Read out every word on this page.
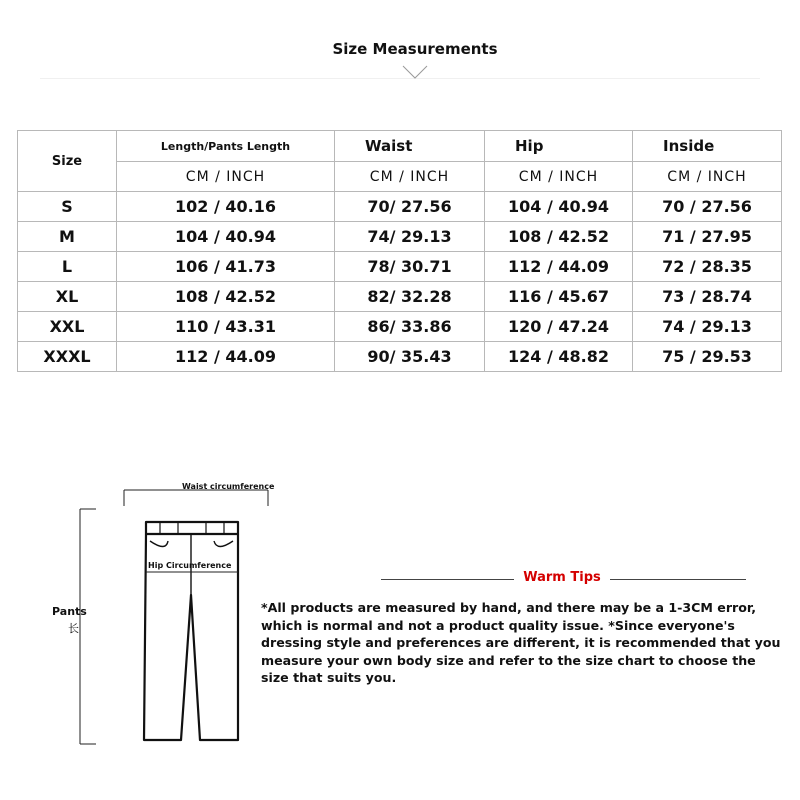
Size Measurements
Size	Length/Pants Length	Waist	Hip	Inside
	CM / INCH	CM / INCH	CM / INCH	CM / INCH
S	102 / 40.16	70/ 27.56	104 / 40.94	70 / 27.56
M	104 / 40.94	74/ 29.13	108 / 42.52	71 / 27.95
L	106 / 41.73	78/ 30.71	112 / 44.09	72 / 28.35
XL	108 / 42.52	82/ 32.28	116 / 45.67	73 / 28.74
XXL	110 / 43.31	86/ 33.86	120 / 47.24	74 / 29.13
XXXL	112 / 44.09	90/ 35.43	124 / 48.82	75 / 29.53
Waist circumference
Hip Circumference
Pants
长
Warm Tips
*All products are measured by hand, and there may be a 1-3CM error, which is normal and not a product quality issue. *Since everyone's dressing style and preferences are different, it is recommended that you measure your own body size and refer to the size chart to choose the size that suits you.
